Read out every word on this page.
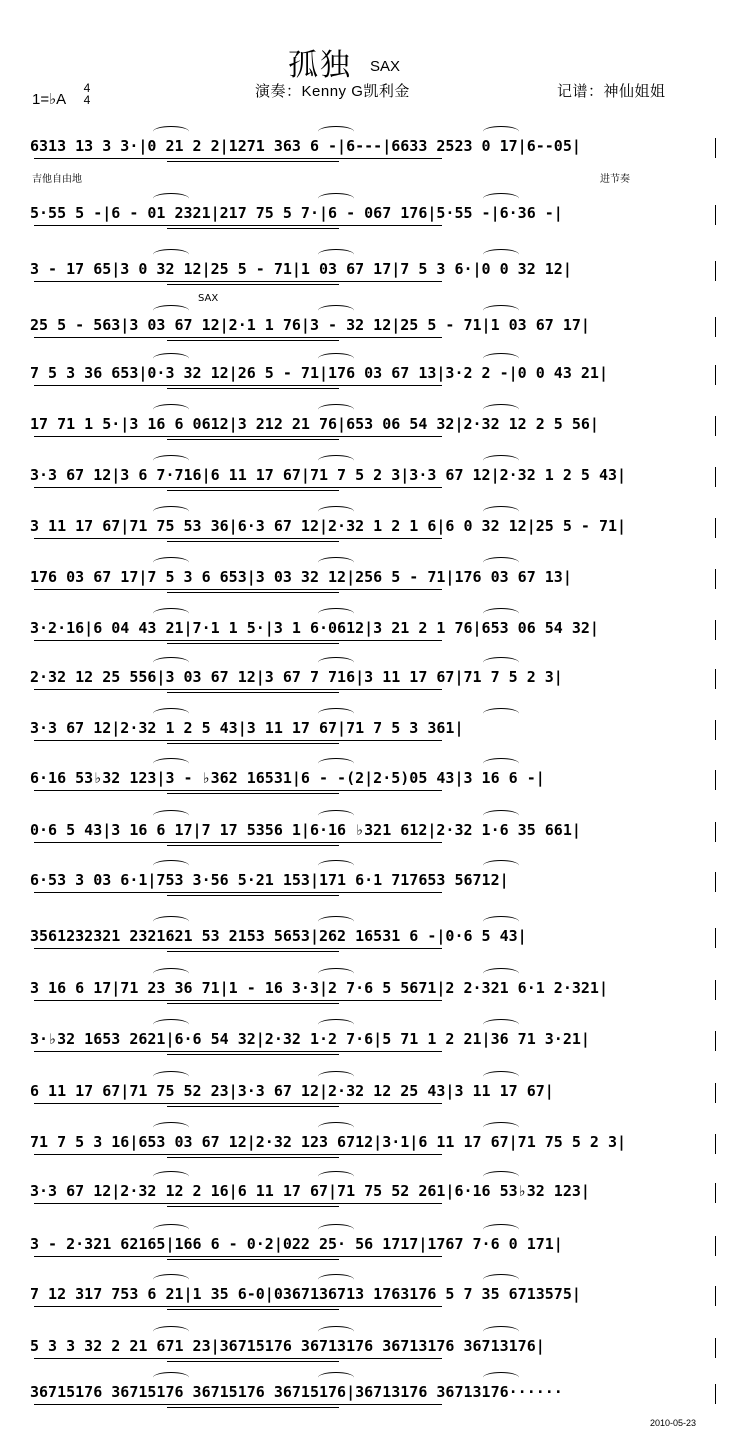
孤独 SAX
1=♭A
4
4	演奏：Kenny G凯利金	记谱：神仙姐姐
吉他自由地	进节奏
SAX
6313 13 3 3·|0 21 2 2|1271 363 6 -|6---|6633 2523 0 17|6--05|
5·55 5 -|6 - 01 2321|217 75 5 7·|6 - 067 176|5·55 -|6·36 -|
3 - 17 65|3 0 32 12|25 5 - 71|1 03 67 17|7 5 3 6·|0 0 32 12|
25 5 - 563|3 03 67 12|2·1 1 76|3 - 32 12|25 5 - 71|1 03 67 17|
7 5 3 36 653|0·3 32 12|26 5 - 71|176 03 67 13|3·2 2 -|0 0 43 21|
17 71 1 5·|3 16 6 0612|3 212 21 76|653 06 54 32|2·32 12 2 5 56|
3·3 67 12|3 6 7·716|6 11 17 67|71 7 5 2 3|3·3 67 12|2·32 1 2 5 43|
3 11 17 67|71 75 53 36|6·3 67 12|2·32 1 2 1 6|6 0 32 12|25 5 - 71|
176 03 67 17|7 5 3 6 653|3 03 32 12|256 5 - 71|176 03 67 13|
3·2·16|6 04 43 21|7·1 1 5·|3 1 6·0612|3 21 2 1 76|653 06 54 32|
2·32 12 25 556|3 03 67 12|3 67 7 716|3 11 17 67|71 7 5 2 3|
3·3 67 12|2·32 1 2 5 43|3 11 17 67|71 7 5 3 361|
6·16 53♭32 123|3 - ♭362 16531|6 - -(2|2·5)05 43|3 16 6 -|
0·6 5 43|3 16 6 17|7 17 5356 1|6·16 ♭321 612|2·32 1·6 35 661|
6·53 3 03 6·1|753 3·56 5·21 153|171 6·1 717653 56712|
3561232321 2321621 53 2153 5653|262 16531 6 -|0·6 5 43|
3 16 6 17|71 23 36 71|1 - 16 3·3|2 7·6 5 5671|2 2·321 6·1 2·321|
3·♭32 1653 2621|6·6 54 32|2·32 1·2 7·6|5 71 1 2 21|36 71 3·21|
6 11 17 67|71 75 52 23|3·3 67 12|2·32 12 25 43|3 11 17 67|
71 7 5 3 16|653 03 67 12|2·32 123 6712|3·1|6 11 17 67|71 75 5 2 3|
3·3 67 12|2·32 12 2 16|6 11 17 67|71 75 52 261|6·16 53♭32 123|
3 - 2·321 62165|166 6 - 0·2|022 25· 56 1717|1767 7·6 0 171|
7 12 317 753 6 21|1 35 6-0|0367136713 1763176 5 7 35 6713575|
5 3 3 32 2 21 671 23|36715176 36713176 36713176 36713176|
36715176 36715176 36715176 36715176|36713176 36713176······
2010-05-23
